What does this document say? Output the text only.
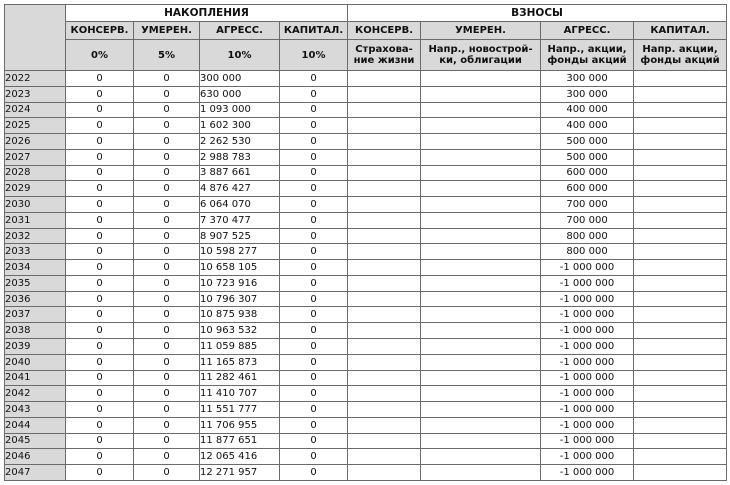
	НАКОПЛЕНИЯ				ВЗНОСЫ			
	КОНСЕРВ.	УМЕРЕН.	АГРЕСС.	КАПИТАЛ.	КОНСЕРВ.	УМЕРЕН.	АГРЕСС.	КАПИТАЛ.
	0%	5%	10%	10%	Страхова- ние жизни	Напр., новострой- ки, облигации	Напр., акции, фонды акций	Напр. акции, фонды акций
2022	0	0	300 000	0			300 000	
2023	0	0	630 000	0			300 000	
2024	0	0	1 093 000	0			400 000	
2025	0	0	1 602 300	0			400 000	
2026	0	0	2 262 530	0			500 000	
2027	0	0	2 988 783	0			500 000	
2028	0	0	3 887 661	0			600 000	
2029	0	0	4 876 427	0			600 000	
2030	0	0	6 064 070	0			700 000	
2031	0	0	7 370 477	0			700 000	
2032	0	0	8 907 525	0			800 000	
2033	0	0	10 598 277	0			800 000	
2034	0	0	10 658 105	0			-1 000 000	
2035	0	0	10 723 916	0			-1 000 000	
2036	0	0	10 796 307	0			-1 000 000	
2037	0	0	10 875 938	0			-1 000 000	
2038	0	0	10 963 532	0			-1 000 000	
2039	0	0	11 059 885	0			-1 000 000	
2040	0	0	11 165 873	0			-1 000 000	
2041	0	0	11 282 461	0			-1 000 000	
2042	0	0	11 410 707	0			-1 000 000	
2043	0	0	11 551 777	0			-1 000 000	
2044	0	0	11 706 955	0			-1 000 000	
2045	0	0	11 877 651	0			-1 000 000	
2046	0	0	12 065 416	0			-1 000 000	
2047	0	0	12 271 957	0			-1 000 000	
